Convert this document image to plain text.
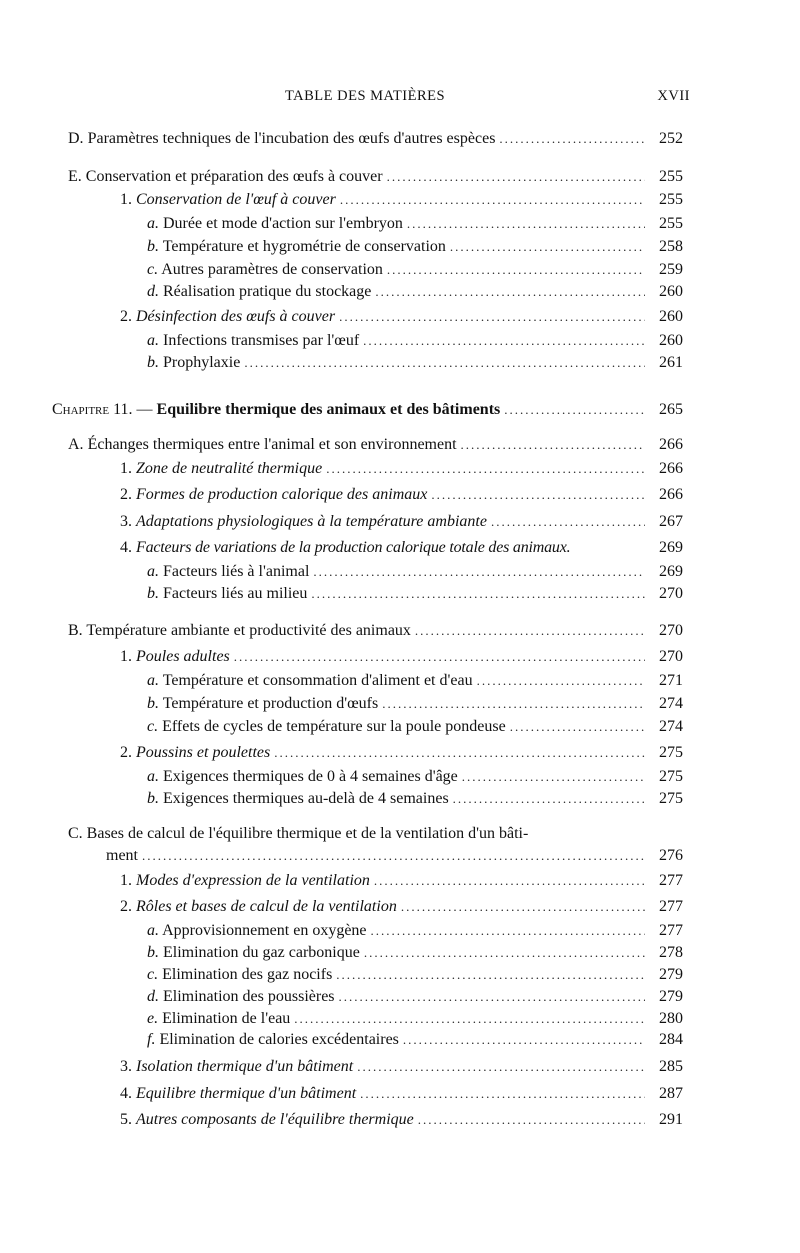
TABLE DES MATIÈRES	XVII
D. Paramètres techniques de l'incubation des œufs d'autres espèces .....	252
E. Conservation et préparation des œufs à couver .....	255
1. Conservation de l'œuf à couver .....	255
a. Durée et mode d'action sur l'embryon .....	255
b. Température et hygrométrie de conservation .....	258
c. Autres paramètres de conservation .....	259
d. Réalisation pratique du stockage .....	260
2. Désinfection des œufs à couver .....	260
a. Infections transmises par l'œuf .....	260
b. Prophylaxie .....	261
Chapitre 11. — Equilibre thermique des animaux et des bâtiments .....	265
A. Échanges thermiques entre l'animal et son environnement .....	266
1. Zone de neutralité thermique .....	266
2. Formes de production calorique des animaux .....	266
3. Adaptations physiologiques à la température ambiante .....	267
4. Facteurs de variations de la production calorique totale des animaux.	269
a. Facteurs liés à l'animal .....	269
b. Facteurs liés au milieu .....	270
B. Température ambiante et productivité des animaux .....	270
1. Poules adultes .....	270
a. Température et consommation d'aliment et d'eau .....	271
b. Température et production d'œufs .....	274
c. Effets de cycles de température sur la poule pondeuse .....	274
2. Poussins et poulettes .....	275
a. Exigences thermiques de 0 à 4 semaines d'âge .....	275
b. Exigences thermiques au-delà de 4 semaines .....	275
C. Bases de calcul de l'équilibre thermique et de la ventilation d'un bâti-
ment .....	276
1. Modes d'expression de la ventilation .....	277
2. Rôles et bases de calcul de la ventilation .....	277
a. Approvisionnement en oxygène .....	277
b. Elimination du gaz carbonique .....	278
c. Elimination des gaz nocifs .....	279
d. Elimination des poussières .....	279
e. Elimination de l'eau .....	280
f. Elimination de calories excédentaires .....	284
3. Isolation thermique d'un bâtiment .....	285
4. Equilibre thermique d'un bâtiment .....	287
5. Autres composants de l'équilibre thermique .....	291
